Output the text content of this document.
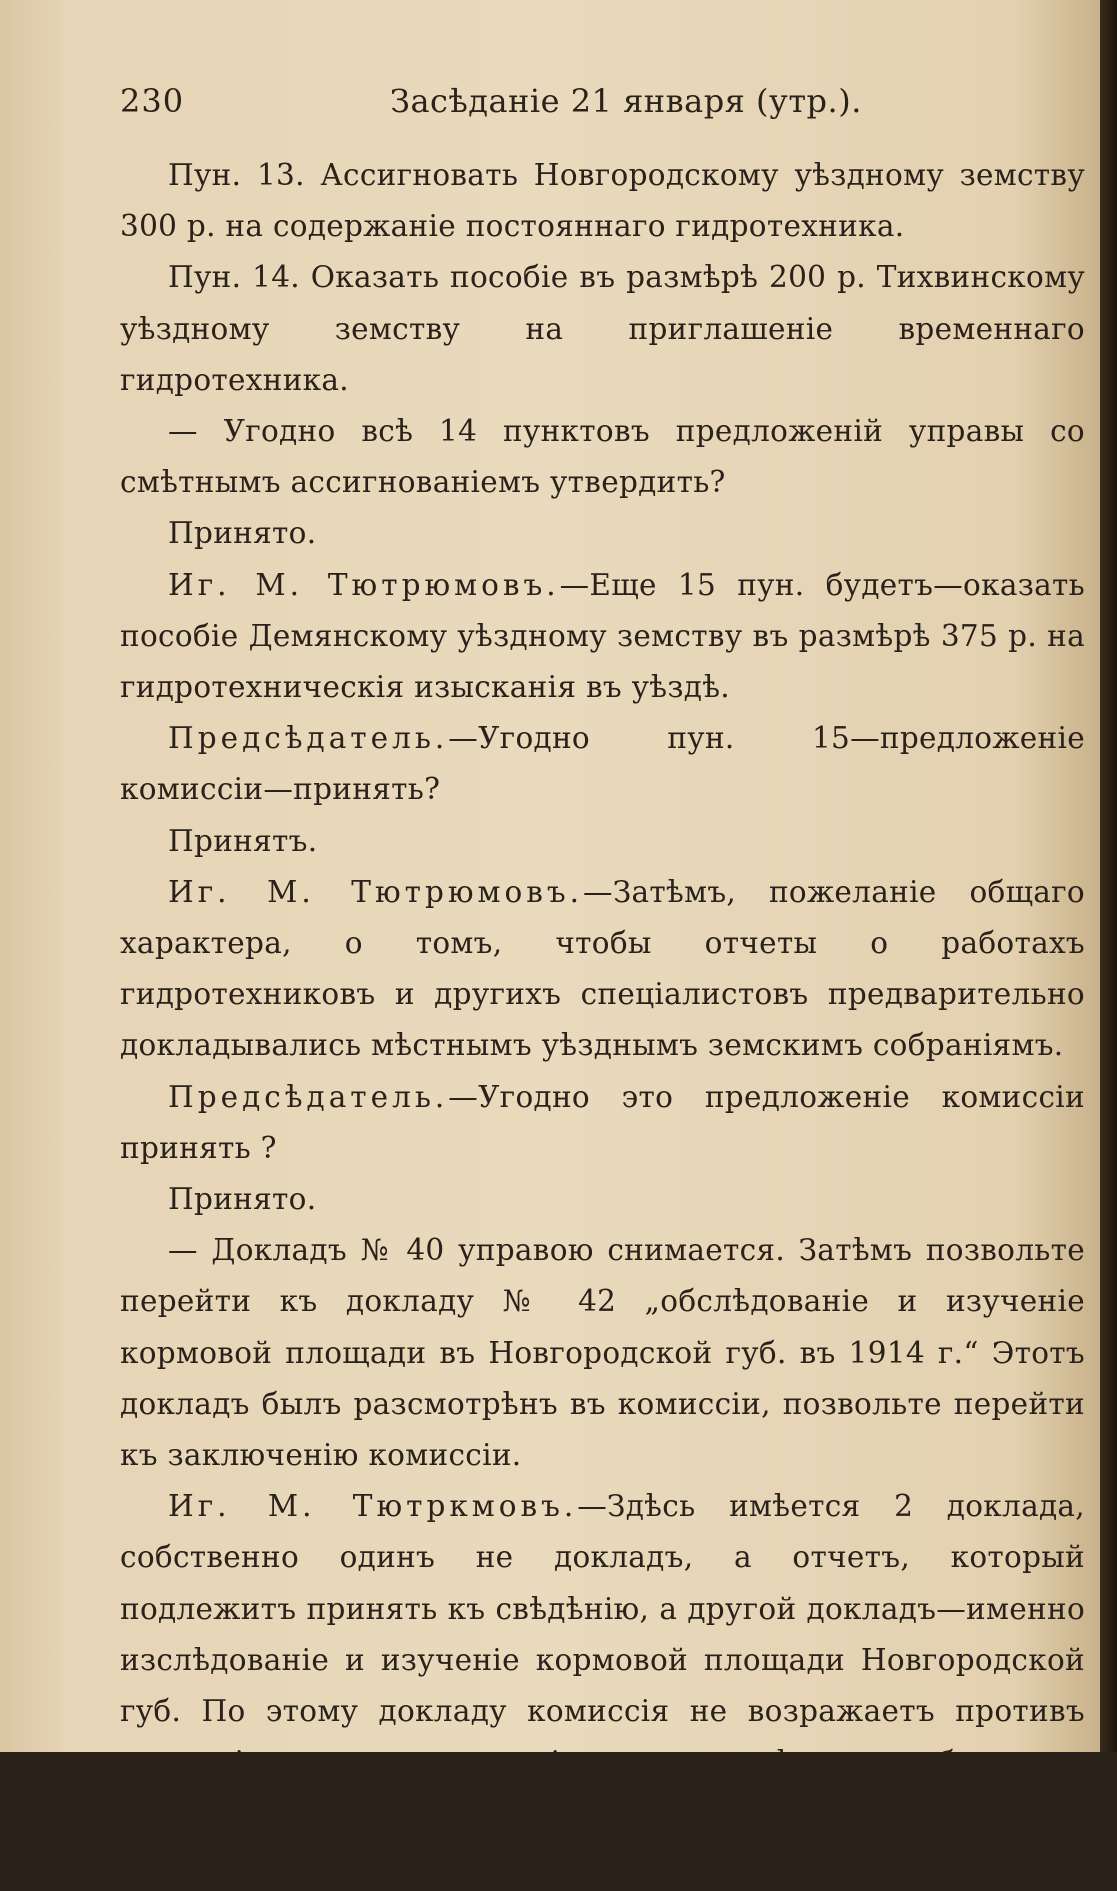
230	Засѣданіе 21 января (утр.).

Пун. 13. Ассигновать Новгородскому уѣздному земству 300 р. на содержаніе постояннаго гидротехника.

Пун. 14. Оказать пособіе въ размѣрѣ 200 р. Тихвинскому уѣздному земству на приглашеніе временнаго гидротехника.

— Угодно всѣ 14 пунктовъ предложеній управы со смѣтнымъ ассигнованіемъ утвердить?

Принято.

Иг. М. Тютрюмовъ.—Еще 15 пун. будетъ—оказать пособіе Демянскому уѣздному земству въ размѣрѣ 375 р. на гидротехническія изысканія въ уѣздѣ.

Предсѣдатель.—Угодно пун. 15—предложеніе комиссіи—принять?

Принятъ.

Иг. М. Тютрюмовъ.—Затѣмъ, пожеланіе общаго характера, о томъ, чтобы отчеты о работахъ гидротехниковъ и другихъ спеціалистовъ предварительно докладывались мѣстнымъ уѣзднымъ земскимъ собраніямъ.

Предсѣдатель.—Угодно это предложеніе комиссіи принять ?

Принято.

— Докладъ № 40 управою снимается. Затѣмъ позвольте перейти къ докладу № 42 „обслѣдованіе и изученіе кормовой площади въ Новгородской губ. въ 1914 г.“ Этотъ докладъ былъ разсмотрѣнъ въ комиссіи, позвольте перейти къ заключенію комиссіи.

Иг. М. Тютркмовъ.—Здѣсь имѣется 2 доклада, собственно одинъ не докладъ, а отчетъ, который подлежитъ принять къ свѣдѣнію, а другой докладъ—именно изслѣдованіе и изученіе кормовой площади Новгородской губ. По этому докладу комиссія не возражаетъ противъ принятія того предложенія, которое дѣлаетъ губернская управа, но противъ ассигнованія земскихъ средствъ на обслѣдованіе работъ на стаціонарныхъ пунктахъ 600 р.
